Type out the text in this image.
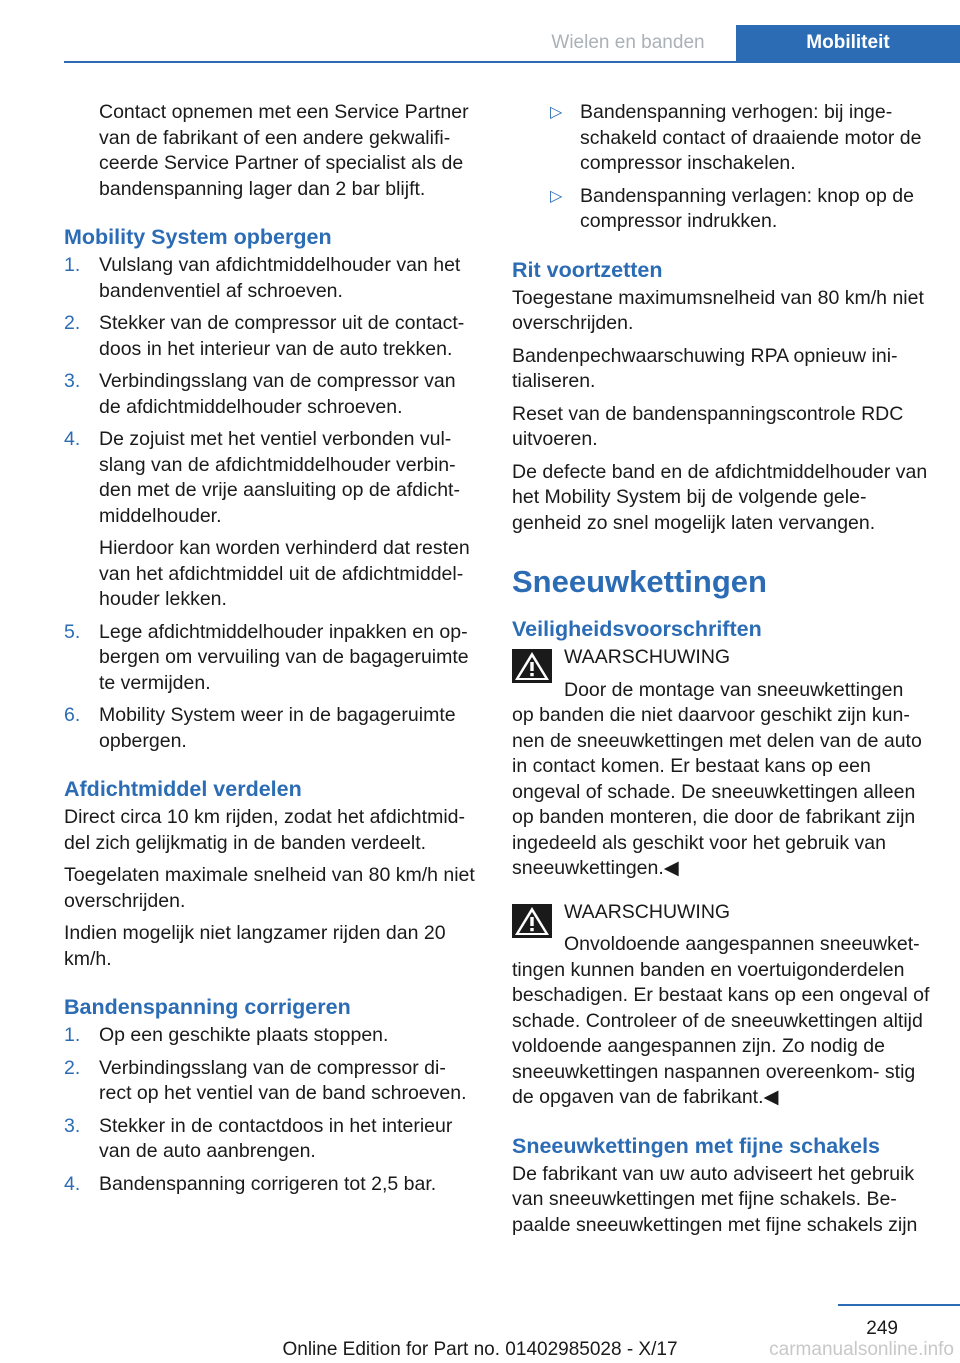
Wielen en banden	Mobiliteit

Contact opnemen met een Service Partner van de fabrikant of een andere gekwalifi‐ ceerde Service Partner of specialist als de bandenspanning lager dan 2 bar blijft.

Mobility System opbergen
1. Vulslang van afdichtmiddelhouder van het bandenventiel af schroeven.
2. Stekker van de compressor uit de contact‐ doos in het interieur van de auto trekken.
3. Verbindingsslang van de compressor van de afdichtmiddelhouder schroeven.
4. De zojuist met het ventiel verbonden vul‐ slang van de afdichtmiddelhouder verbin‐ den met de vrije aansluiting op de afdicht‐ middelhouder.

Hierdoor kan worden verhinderd dat resten van het afdichtmiddel uit de afdichtmiddel‐ houder lekken.

5. Lege afdichtmiddelhouder inpakken en op‐ bergen om vervuiling van de bagageruimte te vermijden.
6. Mobility System weer in de bagageruimte opbergen.
Afdichtmiddel verdelen

Direct circa 10 km rijden, zodat het afdichtmid‐ del zich gelijkmatig in de banden verdeelt.

Toegelaten maximale snelheid van 80 km/h niet overschrijden.

Indien mogelijk niet langzamer rijden dan 20 km/h.

Bandenspanning corrigeren
1. Op een geschikte plaats stoppen.
2. Verbindingsslang van de compressor di‐ rect op het ventiel van de band schroeven.
3. Stekker in de contactdoos in het interieur van de auto aanbrengen.
4. Bandenspanning corrigeren tot 2,5 bar.
▷ Bandenspanning verhogen: bij inge‐ schakeld contact of draaiende motor de compressor inschakelen.
▷ Bandenspanning verlagen: knop op de compressor indrukken.
Rit voortzetten

Toegestane maximumsnelheid van 80 km/h niet overschrijden.

Bandenpechwaarschuwing RPA opnieuw ini‐ tialiseren.

Reset van de bandenspanningscontrole RDC uitvoeren.

De defecte band en de afdichtmiddelhouder van het Mobility System bij de volgende gele‐ genheid zo snel mogelijk laten vervangen.

Sneeuwkettingen
Veiligheidsvoorschriften
WAARSCHUWING
Door de montage van sneeuwkettingen op banden die niet daarvoor geschikt zijn kun‐ nen de sneeuwkettingen met delen van de auto in contact komen. Er bestaat kans op een ongeval of schade. De sneeuwkettingen alleen op banden monteren, die door de fabrikant zijn ingedeeld als geschikt voor het gebruik van sneeuwkettingen.◀
WAARSCHUWING
Onvoldoende aangespannen sneeuwket‐ tingen kunnen banden en voertuigonderdelen beschadigen. Er bestaat kans op een ongeval of schade. Controleer of de sneeuwkettingen altijd voldoende aangespannen zijn. Zo nodig de sneeuwkettingen naspannen overeenkom‐ stig de opgaven van de fabrikant.◀
Sneeuwkettingen met fijne schakels

De fabrikant van uw auto adviseert het gebruik van sneeuwkettingen met fijne schakels. Be‐ paalde sneeuwkettingen met fijne schakels zijn

249
Online Edition for Part no. 01402985028 - X/17	carmanualsonline.info
